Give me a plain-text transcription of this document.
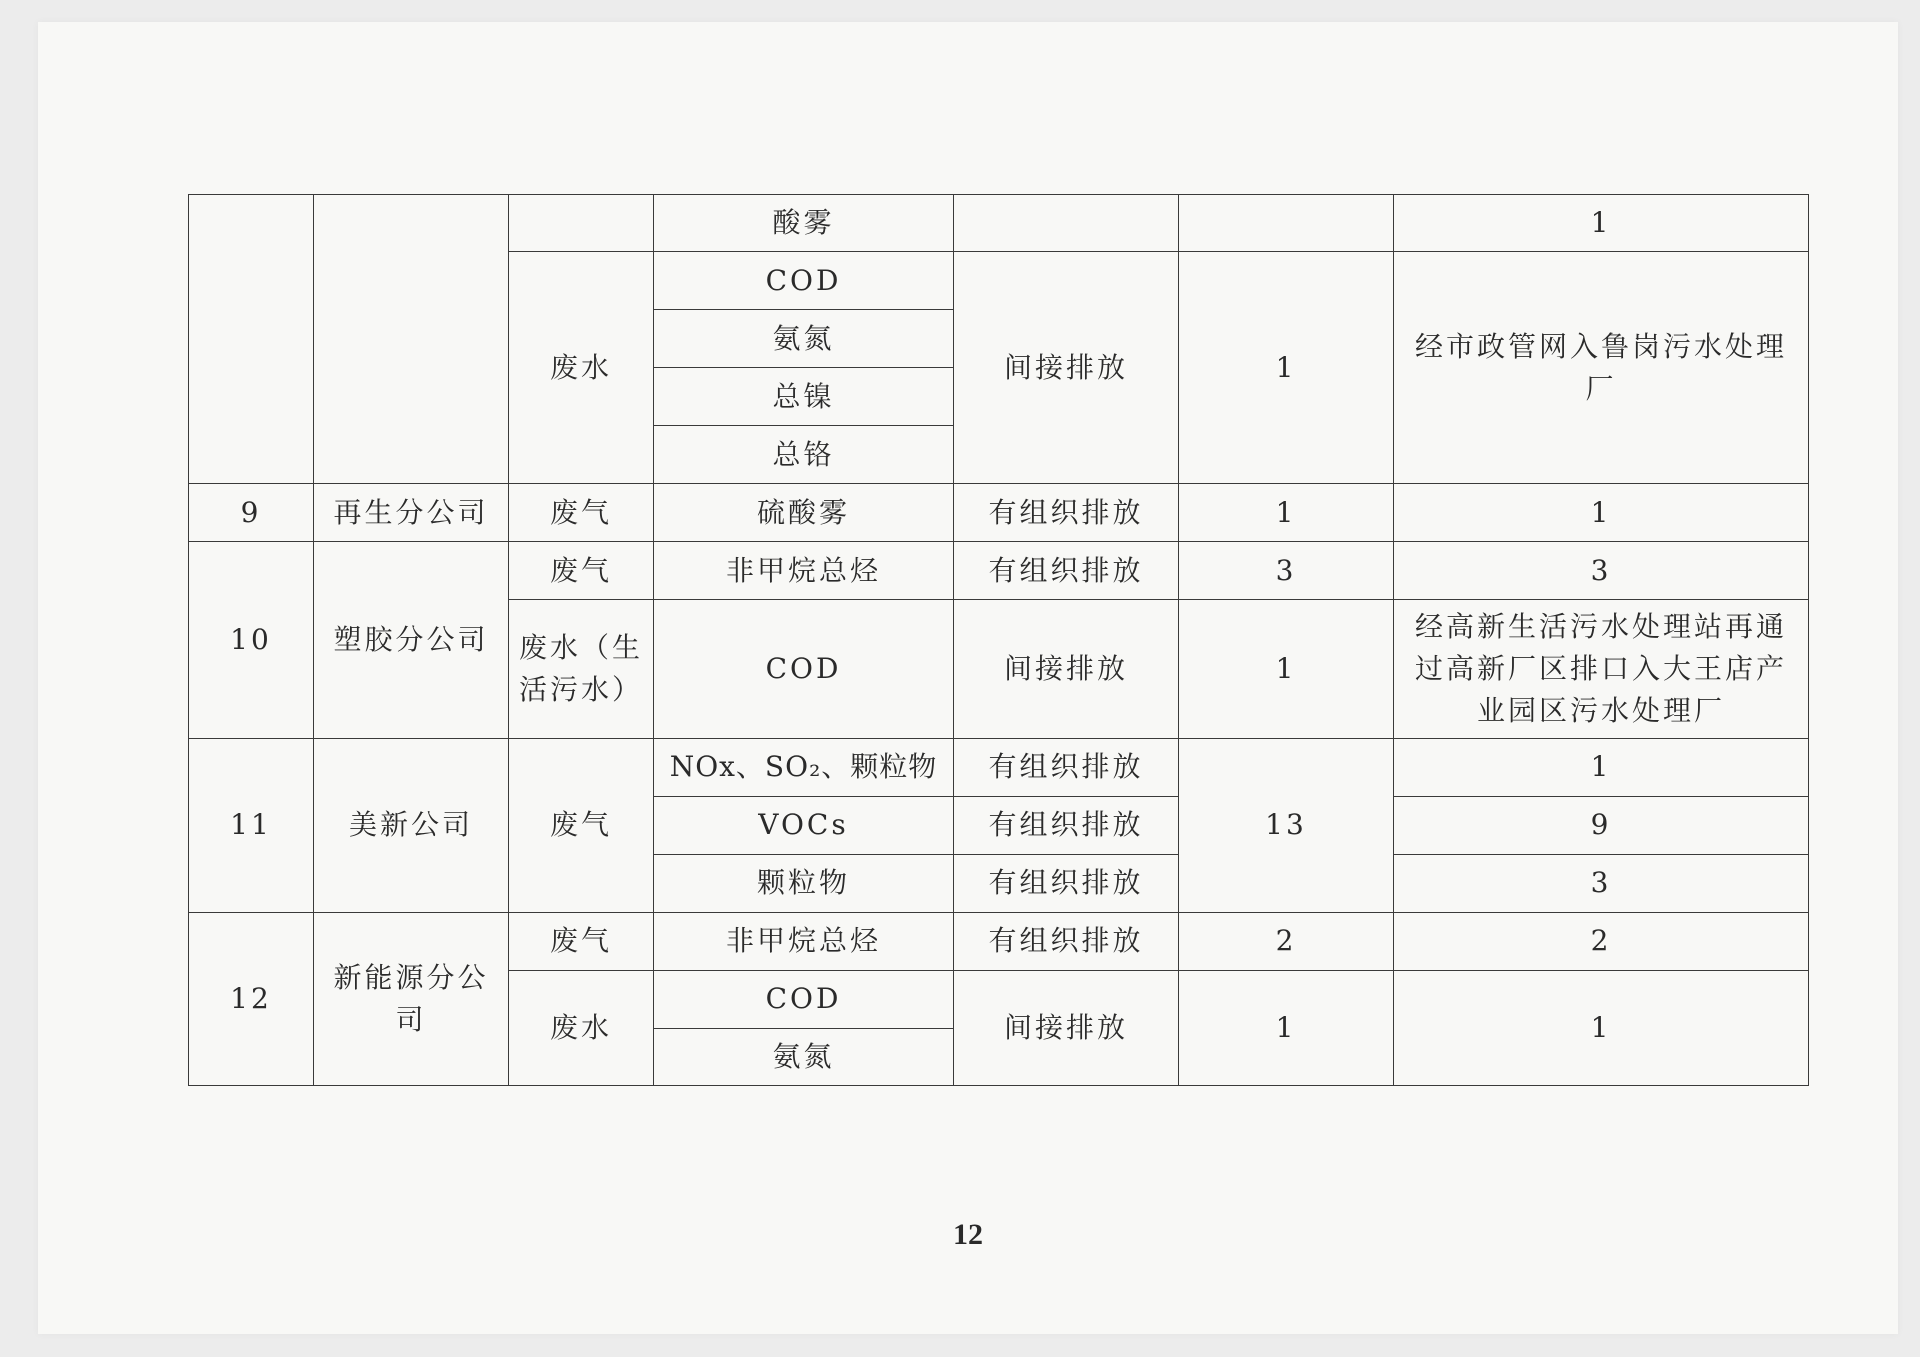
			酸雾			1
		废水	COD	间接排放	1	经市政管网入鲁岗污水处理厂
			氨氮			
			总镍			
			总铬			
9	再生分公司	废气	硫酸雾	有组织排放	1	1
10	塑胶分公司	废气	非甲烷总烃	有组织排放	3	3
		废水（生活污水）	COD	间接排放	1	经高新生活污水处理站再通过高新厂区排口入大王店产业园区污水处理厂
11	美新公司	废气	NOx、SO₂、颗粒物	有组织排放	13	1
			VOCs	有组织排放		9
			颗粒物	有组织排放		3
12	新能源分公司	废气	非甲烷总烃	有组织排放	2	2
		废水	COD	间接排放	1	1
			氨氮			
12
